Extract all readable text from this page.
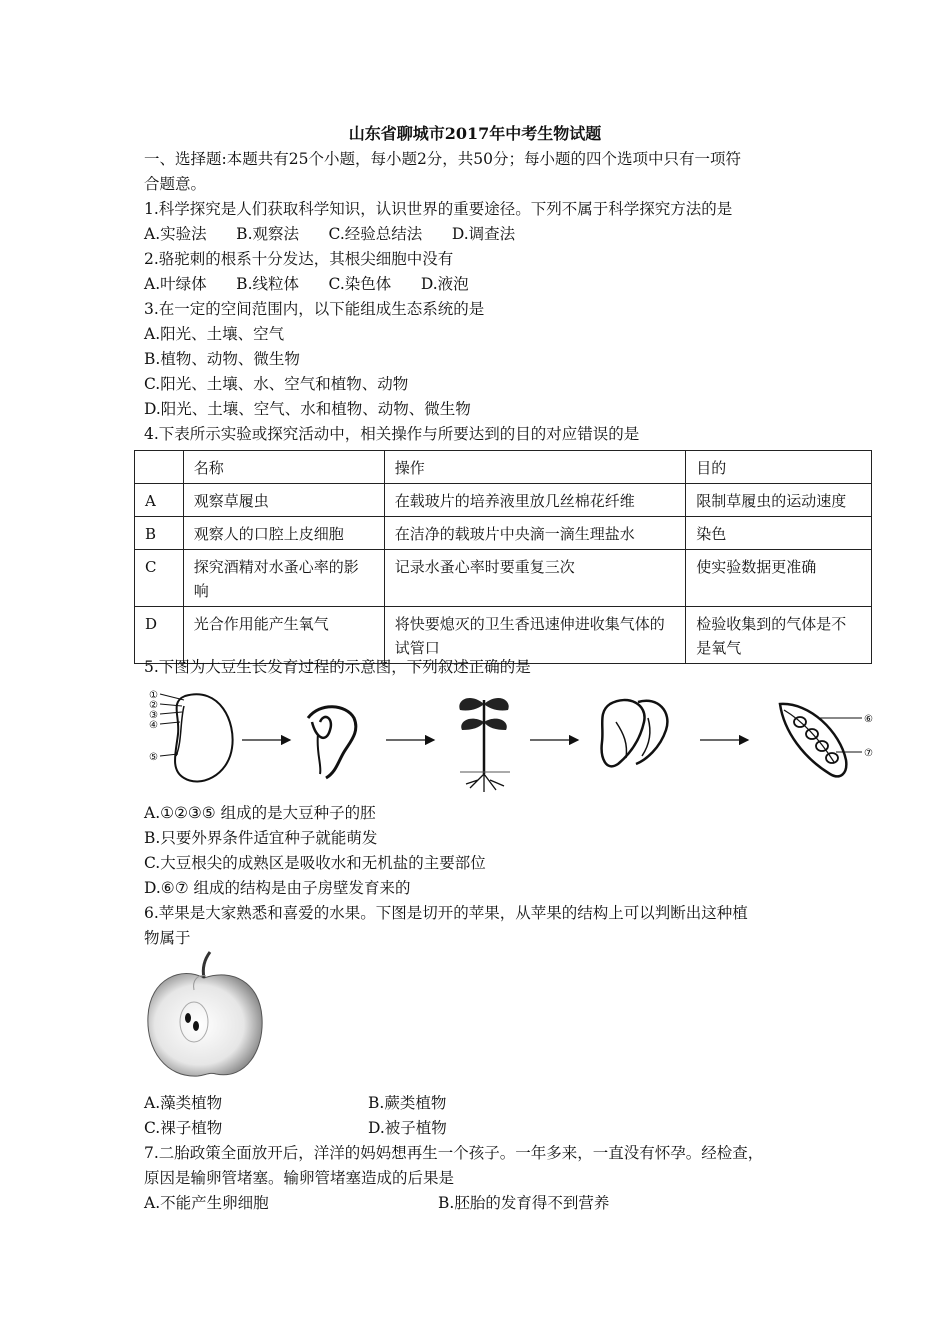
山东省聊城市2017年中考生物试题
一、选择题:本题共有25个小题，每小题2分，共50分；每小题的四个选项中只有一项符
合题意。
1.科学探究是人们获取科学知识，认识世界的重要途径。下列不属于科学探究方法的是
A.实验法      B.观察法      C.经验总结法      D.调查法
2.骆驼刺的根系十分发达，其根尖细胞中没有
A.叶绿体      B.线粒体      C.染色体      D.液泡
3.在一定的空间范围内，以下能组成生态系统的是
A.阳光、土壤、空气
B.植物、动物、微生物
C.阳光、土壤、水、空气和植物、动物
D.阳光、土壤、空气、水和植物、动物、微生物
4.下表所示实验或探究活动中，相关操作与所要达到的目的对应错误的是
	名称	操作	目的
A	观察草履虫	在载玻片的培养液里放几丝棉花纤维	限制草履虫的运动速度
B	观察人的口腔上皮细胞	在洁净的载玻片中央滴一滴生理盐水	染色
C	探究酒精对水蚤心率的影响	记录水蚤心率时要重复三次	使实验数据更准确
D	光合作用能产生氧气	将快要熄灭的卫生香迅速伸进收集气体的试管口	检验收集到的气体是不是氧气
5.下图为大豆生长发育过程的示意图，下列叙述正确的是
①
②
③
④
⑤
⑥
⑦
A.①②③⑤ 组成的是大豆种子的胚
B.只要外界条件适宜种子就能萌发
C.大豆根尖的成熟区是吸收水和无机盐的主要部位
D.⑥⑦ 组成的结构是由子房壁发育来的
6.苹果是大家熟悉和喜爱的水果。下图是切开的苹果，从苹果的结构上可以判断出这种植
物属于
A.藻类植物	B.蕨类植物
C.裸子植物	D.被子植物
7.二胎政策全面放开后，洋洋的妈妈想再生一个孩子。一年多来，一直没有怀孕。经检查，
原因是输卵管堵塞。输卵管堵塞造成的后果是
A.不能产生卵细胞	B.胚胎的发育得不到营养
